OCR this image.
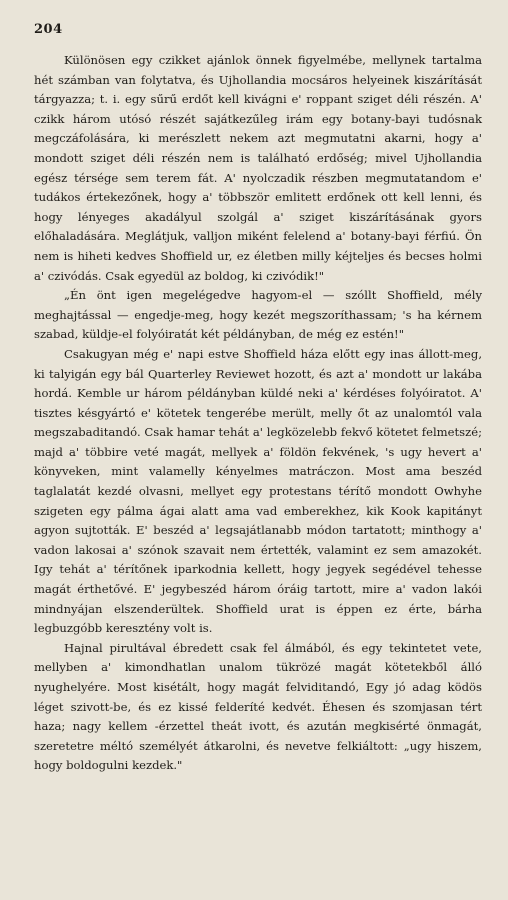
204

Különösen egy czikket ajánlok önnek figyelmébe, mellynek tartalma hét számban van folytatva, és Ujhollandia mocsáros helyeinek kiszárítását tárgyazza; t. i. egy sűrű erdőt kell kivágni e' roppant sziget déli részén. A' czikk három utósó részét sajátkezűleg irám egy botany-bayi tudósnak megczáfolására, ki merészlett nekem azt megmutatni akarni, hogy a' mondott sziget déli részén nem is található erdőség; mivel Ujhollandia egész térsége sem terem fát. A' nyolczadik részben megmutatandom e' tudákos értekezőnek, hogy a' többször emlitett erdőnek ott kell lenni, és hogy lényeges akadályul szolgál a' sziget kiszárításának gyors előhaladására. Meglátjuk, valljon miként felelend a' botany-bayi férfiú. Ön nem is hiheti kedves Shoffield ur, ez életben milly kéjteljes és becses holmi a' czivódás. Csak egyedül az boldog, ki czivódik!"

„Én önt igen megelégedve hagyom-el — szóllt Shoffield, mély meghajtással — engedje-meg, hogy kezét megszoríthassam; 's ha kérnem szabad, küldje-el folyóiratát két példányban, de még ez estén!"

Csakugyan még e' napi estve Shoffield háza előtt egy inas állott-meg, ki talyigán egy bál Quarterley Reviewet hozott, és azt a' mondott ur lakába hordá. Kemble ur három példányban küldé neki a' kérdéses folyóiratot. A' tisztes késgyártó e' kötetek tengerébe merült, melly őt az unalomtól vala megszabaditandó. Csak hamar tehát a' legközelebb fekvő kötetet felmetszé; majd a' többire veté magát, mellyek a' földön fekvének, 's ugy hevert a' könyveken, mint valamelly kényelmes matráczon. Most ama beszéd taglalatát kezdé olvasni, mellyet egy protestans térítő mondott Owhyhe szigeten egy pálma ágai alatt ama vad emberekhez, kik Kook kapitányt agyon sujtották. E' beszéd a' legsajátlanabb módon tartatott; minthogy a' vadon lakosai a' szónok szavait nem értették, valamint ez sem amazokét. Igy tehát a' térítőnek iparkodnia kellett, hogy jegyek segédével tehesse magát érthetővé. E' jegybeszéd három óráig tartott, mire a' vadon lakói mindnyájan elszenderültek. Shoffield urat is éppen ez érte, bárha legbuzgóbb keresztény volt is.

Hajnal pirultával ébredett csak fel álmából, és egy tekintetet vete, mellyben a' kimondhatlan unalom tükrözé magát kötetekből álló nyughelyére. Most kisétált, hogy magát felviditandó, Egy jó adag ködös léget szivott-be, és ez kissé felderíté kedvét. Éhesen és szomjasan tért haza; nagy kellem -érzettel theát ivott, és azután megkisérté önmagát, szeretetre méltó személyét átkarolni, és nevetve felkiáltott: „ugy hiszem, hogy boldogulni kezdek."
